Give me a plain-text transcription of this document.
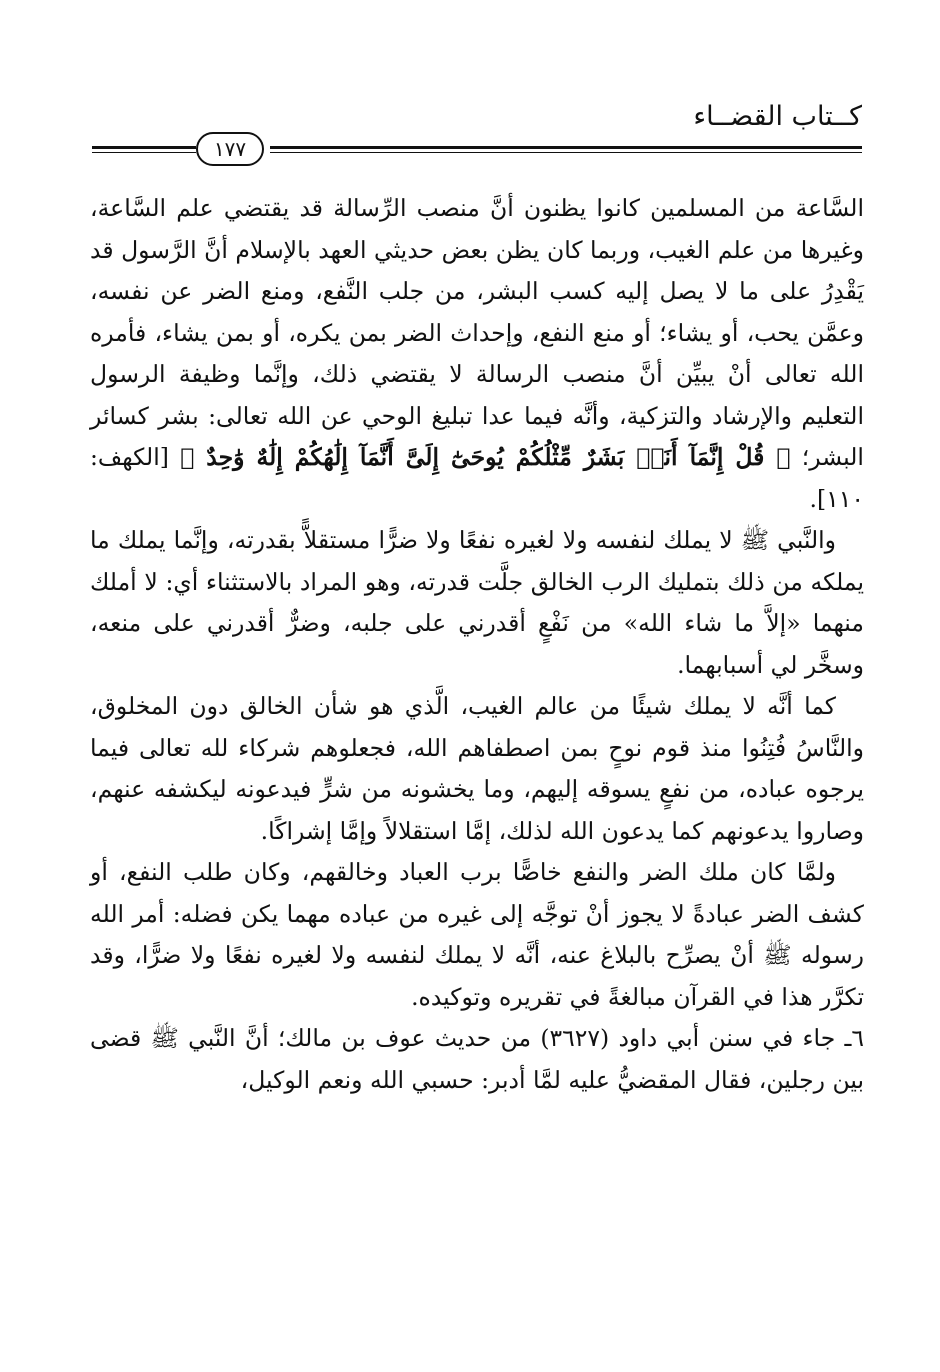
كــتاب القضــاء
١٧٧

السَّاعة من المسلمين كانوا يظنون أنَّ منصب الرِّسالة قد يقتضي علم السَّاعة، وغيرها من علم الغيب، وربما كان يظن بعض حديثي العهد بالإسلام أنَّ الرَّسول قد يَقْدِرُ على ما لا يصل إليه كسب البشر، من جلب النَّفع، ومنع الضر عن نفسه، وعمَّن يحب، أو يشاء؛ أو منع النفع، وإحداث الضر بمن يكره، أو بمن يشاء، فأمره الله تعالى أنْ يبيِّن أنَّ منصب الرسالة لا يقتضي ذلك، وإنَّما وظيفة الرسول التعليم والإرشاد والتزكية، وأنَّه فيما عدا تبليغ الوحي عن الله تعالى: بشر كسائر البشر؛ ﴿ قُلْ إِنَّمَآ أَنَا۠ بَشَرٌ مِّثْلُكُمْ يُوحَىٰٓ إِلَىَّ أَنَّمَآ إِلَٰهُكُمْ إِلَٰهٌ وَٰحِدٌ ﴾ [الكهف: ١١٠].

والنَّبي ﷺ لا يملك لنفسه ولا لغيره نفعًا ولا ضرًّا مستقلاًّ بقدرته، وإنَّما يملك ما يملكه من ذلك بتمليك الرب الخالق جلَّت قدرته، وهو المراد بالاستثناء أي: لا أملك منهما «إلاَّ ما شاء الله» من نَفْعٍ أقدرني على جلبه، وضرٌّ أقدرني على منعه، وسخَّر لي أسبابهما.

كما أنَّه لا يملك شيئًا من عالم الغيب، الَّذي هو شأن الخالق دون المخلوق، والنَّاسُ فُتِنُوا منذ قوم نوحٍ بمن اصطفاهم الله، فجعلوهم شركاء لله تعالى فيما يرجوه عباده، من نفعٍ يسوقه إليهم، وما يخشونه من شرٍّ فيدعونه ليكشفه عنهم، وصاروا يدعونهم كما يدعون الله لذلك، إمَّا استقلالاً وإمَّا إشراكًا.

ولمَّا كان ملك الضر والنفع خاصًّا برب العباد وخالقهم، وكان طلب النفع، أو كشف الضر عبادةً لا يجوز أنْ توجَّه إلى غيره من عباده مهما يكن فضله: أمر الله رسوله ﷺ أنْ يصرِّح بالبلاغ عنه، أنَّه لا يملك لنفسه ولا لغيره نفعًا ولا ضرًّا، وقد تكرَّر هذا في القرآن مبالغةً في تقريره وتوكيده.

٦ـ جاء في سنن أبي داود (٣٦٢٧) من حديث عوف بن مالك؛ أنَّ النَّبي ﷺ قضى بين رجلين، فقال المقضيُّ عليه لمَّا أدبر: حسبي الله ونعم الوكيل،
